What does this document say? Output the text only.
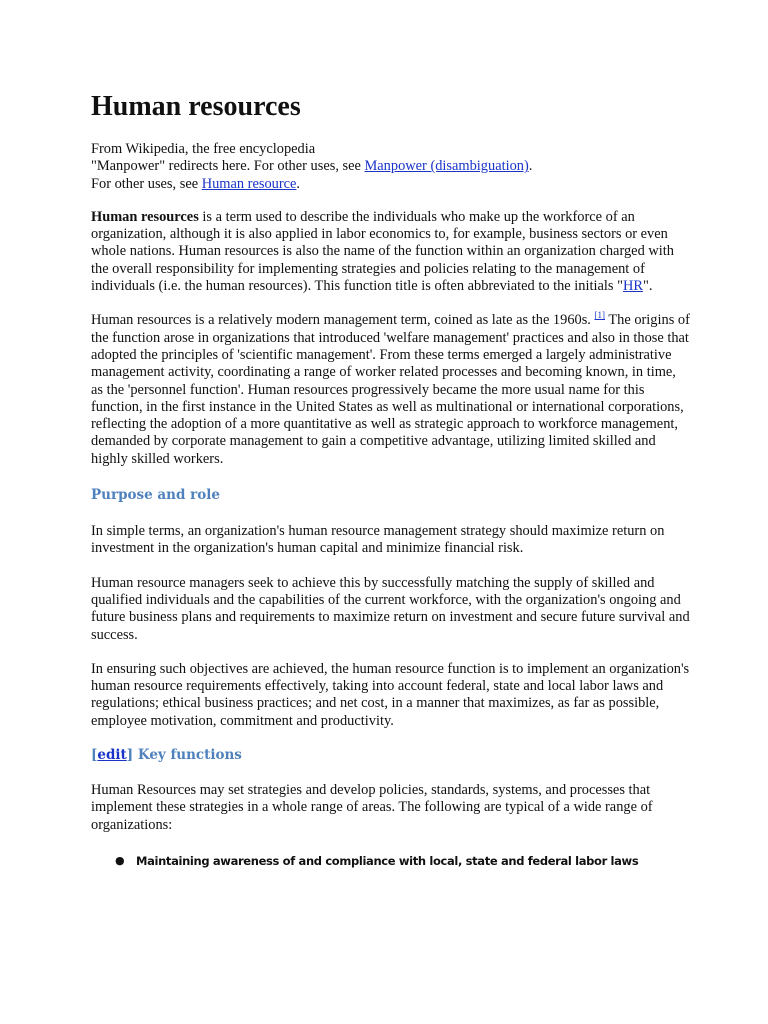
Human resources
From Wikipedia, the free encyclopedia
"Manpower" redirects here. For other uses, see Manpower (disambiguation).
For other uses, see Human resource.

Human resources is a term used to describe the individuals who make up the workforce of an organization, although it is also applied in labor economics to, for example, business sectors or even whole nations. Human resources is also the name of the function within an organization charged with the overall responsibility for implementing strategies and policies relating to the management of individuals (i.e. the human resources). This function title is often abbreviated to the initials "HR".

Human resources is a relatively modern management term, coined as late as the 1960s. [1] The origins of the function arose in organizations that introduced 'welfare management' practices and also in those that adopted the principles of 'scientific management'. From these terms emerged a largely administrative management activity, coordinating a range of worker related processes and becoming known, in time, as the 'personnel function'. Human resources progressively became the more usual name for this function, in the first instance in the United States as well as multinational or international corporations, reflecting the adoption of a more quantitative as well as strategic approach to workforce management, demanded by corporate management to gain a competitive advantage, utilizing limited skilled and highly skilled workers.

Purpose and role

In simple terms, an organization's human resource management strategy should maximize return on investment in the organization's human capital and minimize financial risk.

Human resource managers seek to achieve this by successfully matching the supply of skilled and qualified individuals and the capabilities of the current workforce, with the organization's ongoing and future business plans and requirements to maximize return on investment and secure future survival and success.

In ensuring such objectives are achieved, the human resource function is to implement an organization's human resource requirements effectively, taking into account federal, state and local labor laws and regulations; ethical business practices; and net cost, in a manner that maximizes, as far as possible, employee motivation, commitment and productivity.

[edit] Key functions

Human Resources may set strategies and develop policies, standards, systems, and processes that implement these strategies in a whole range of areas. The following are typical of a wide range of organizations:

● Maintaining awareness of and compliance with local, state and federal labor laws
